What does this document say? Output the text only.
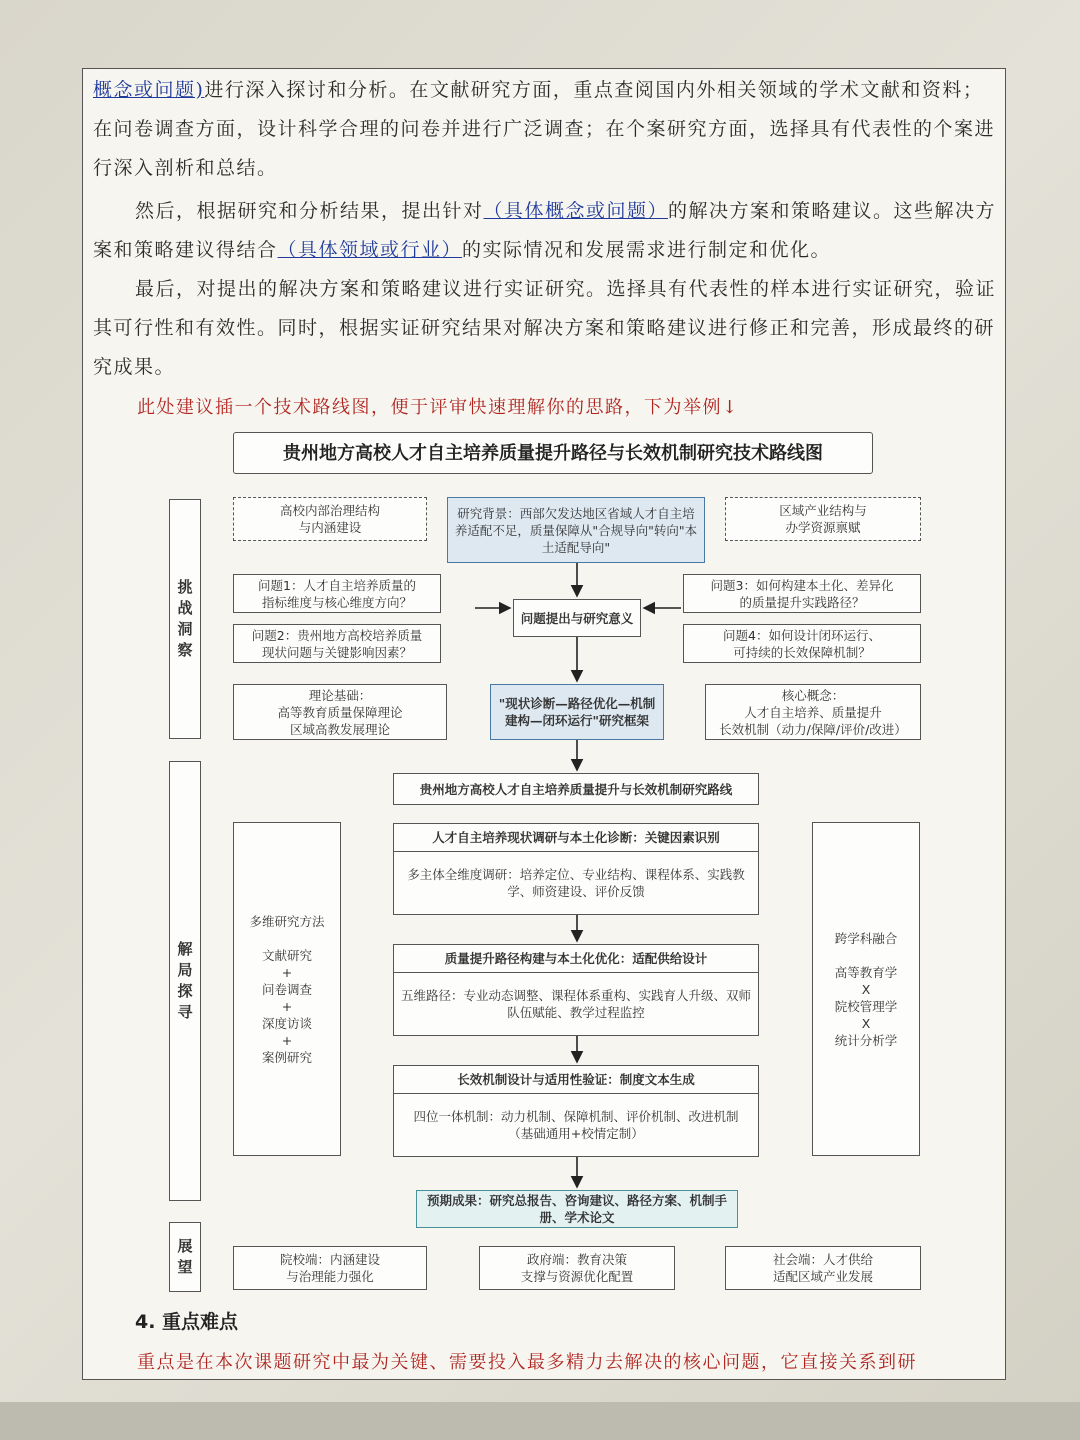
概念或问题)进行深入探讨和分析。在文献研究方面，重点查阅国内外相关领域的学术文献和资料；在问卷调查方面，设计科学合理的问卷并进行广泛调查；在个案研究方面，选择具有代表性的个案进行深入剖析和总结。

然后，根据研究和分析结果，提出针对（具体概念或问题）的解决方案和策略建议。这些解决方案和策略建议得结合（具体领域或行业）的实际情况和发展需求进行制定和优化。

最后，对提出的解决方案和策略建议进行实证研究。选择具有代表性的样本进行实证研究，验证其可行性和有效性。同时，根据实证研究结果对解决方案和策略建议进行修正和完善，形成最终的研究成果。

此处建议插一个技术路线图，便于评审快速理解你的思路，下为举例↓
贵州地方高校人才自主培养质量提升路径与长效机制研究技术路线图
挑
战
洞
察
解
局
探
寻
展
望
高校内部治理结构
与内涵建设
研究背景：西部欠发达地区省域人才自主培养适配不足，质量保障从"合规导向"转向"本土适配导向"
区域产业结构与
办学资源禀赋
问题1：人才自主培养质量的
指标维度与核心维度方向？
问题2：贵州地方高校培养质量
现状问题与关键影响因素？
问题3：如何构建本土化、差异化
的质量提升实践路径？
问题4：如何设计闭环运行、
可持续的长效保障机制？
问题提出与研究意义
理论基础：
高等教育质量保障理论
区域高教发展理论
"现状诊断—路径优化—机制建构—闭环运行"研究框架
核心概念：
人才自主培养、质量提升
长效机制（动力/保障/评价/改进）
贵州地方高校人才自主培养质量提升与长效机制研究路线
多维研究方法

文献研究
+
问卷调查
+
深度访谈
+
案例研究
跨学科融合

高等教育学
X
院校管理学
X
统计分析学
人才自主培养现状调研与本土化诊断：关键因素识别
多主体全维度调研：培养定位、专业结构、课程体系、实践教学、师资建设、评价反馈
质量提升路径构建与本土化优化：适配供给设计
五维路径：专业动态调整、课程体系重构、实践育人升级、双师队伍赋能、教学过程监控
长效机制设计与适用性验证：制度文本生成
四位一体机制：动力机制、保障机制、评价机制、改进机制
（基础通用+校情定制）
预期成果：研究总报告、咨询建议、路径方案、机制手册、学术论文
院校端：内涵建设
与治理能力强化
政府端：教育决策
支撑与资源优化配置
社会端：人才供给
适配区域产业发展
4. 重点难点
重点是在本次课题研究中最为关键、需要投入最多精力去解决的核心问题，它直接关系到研
